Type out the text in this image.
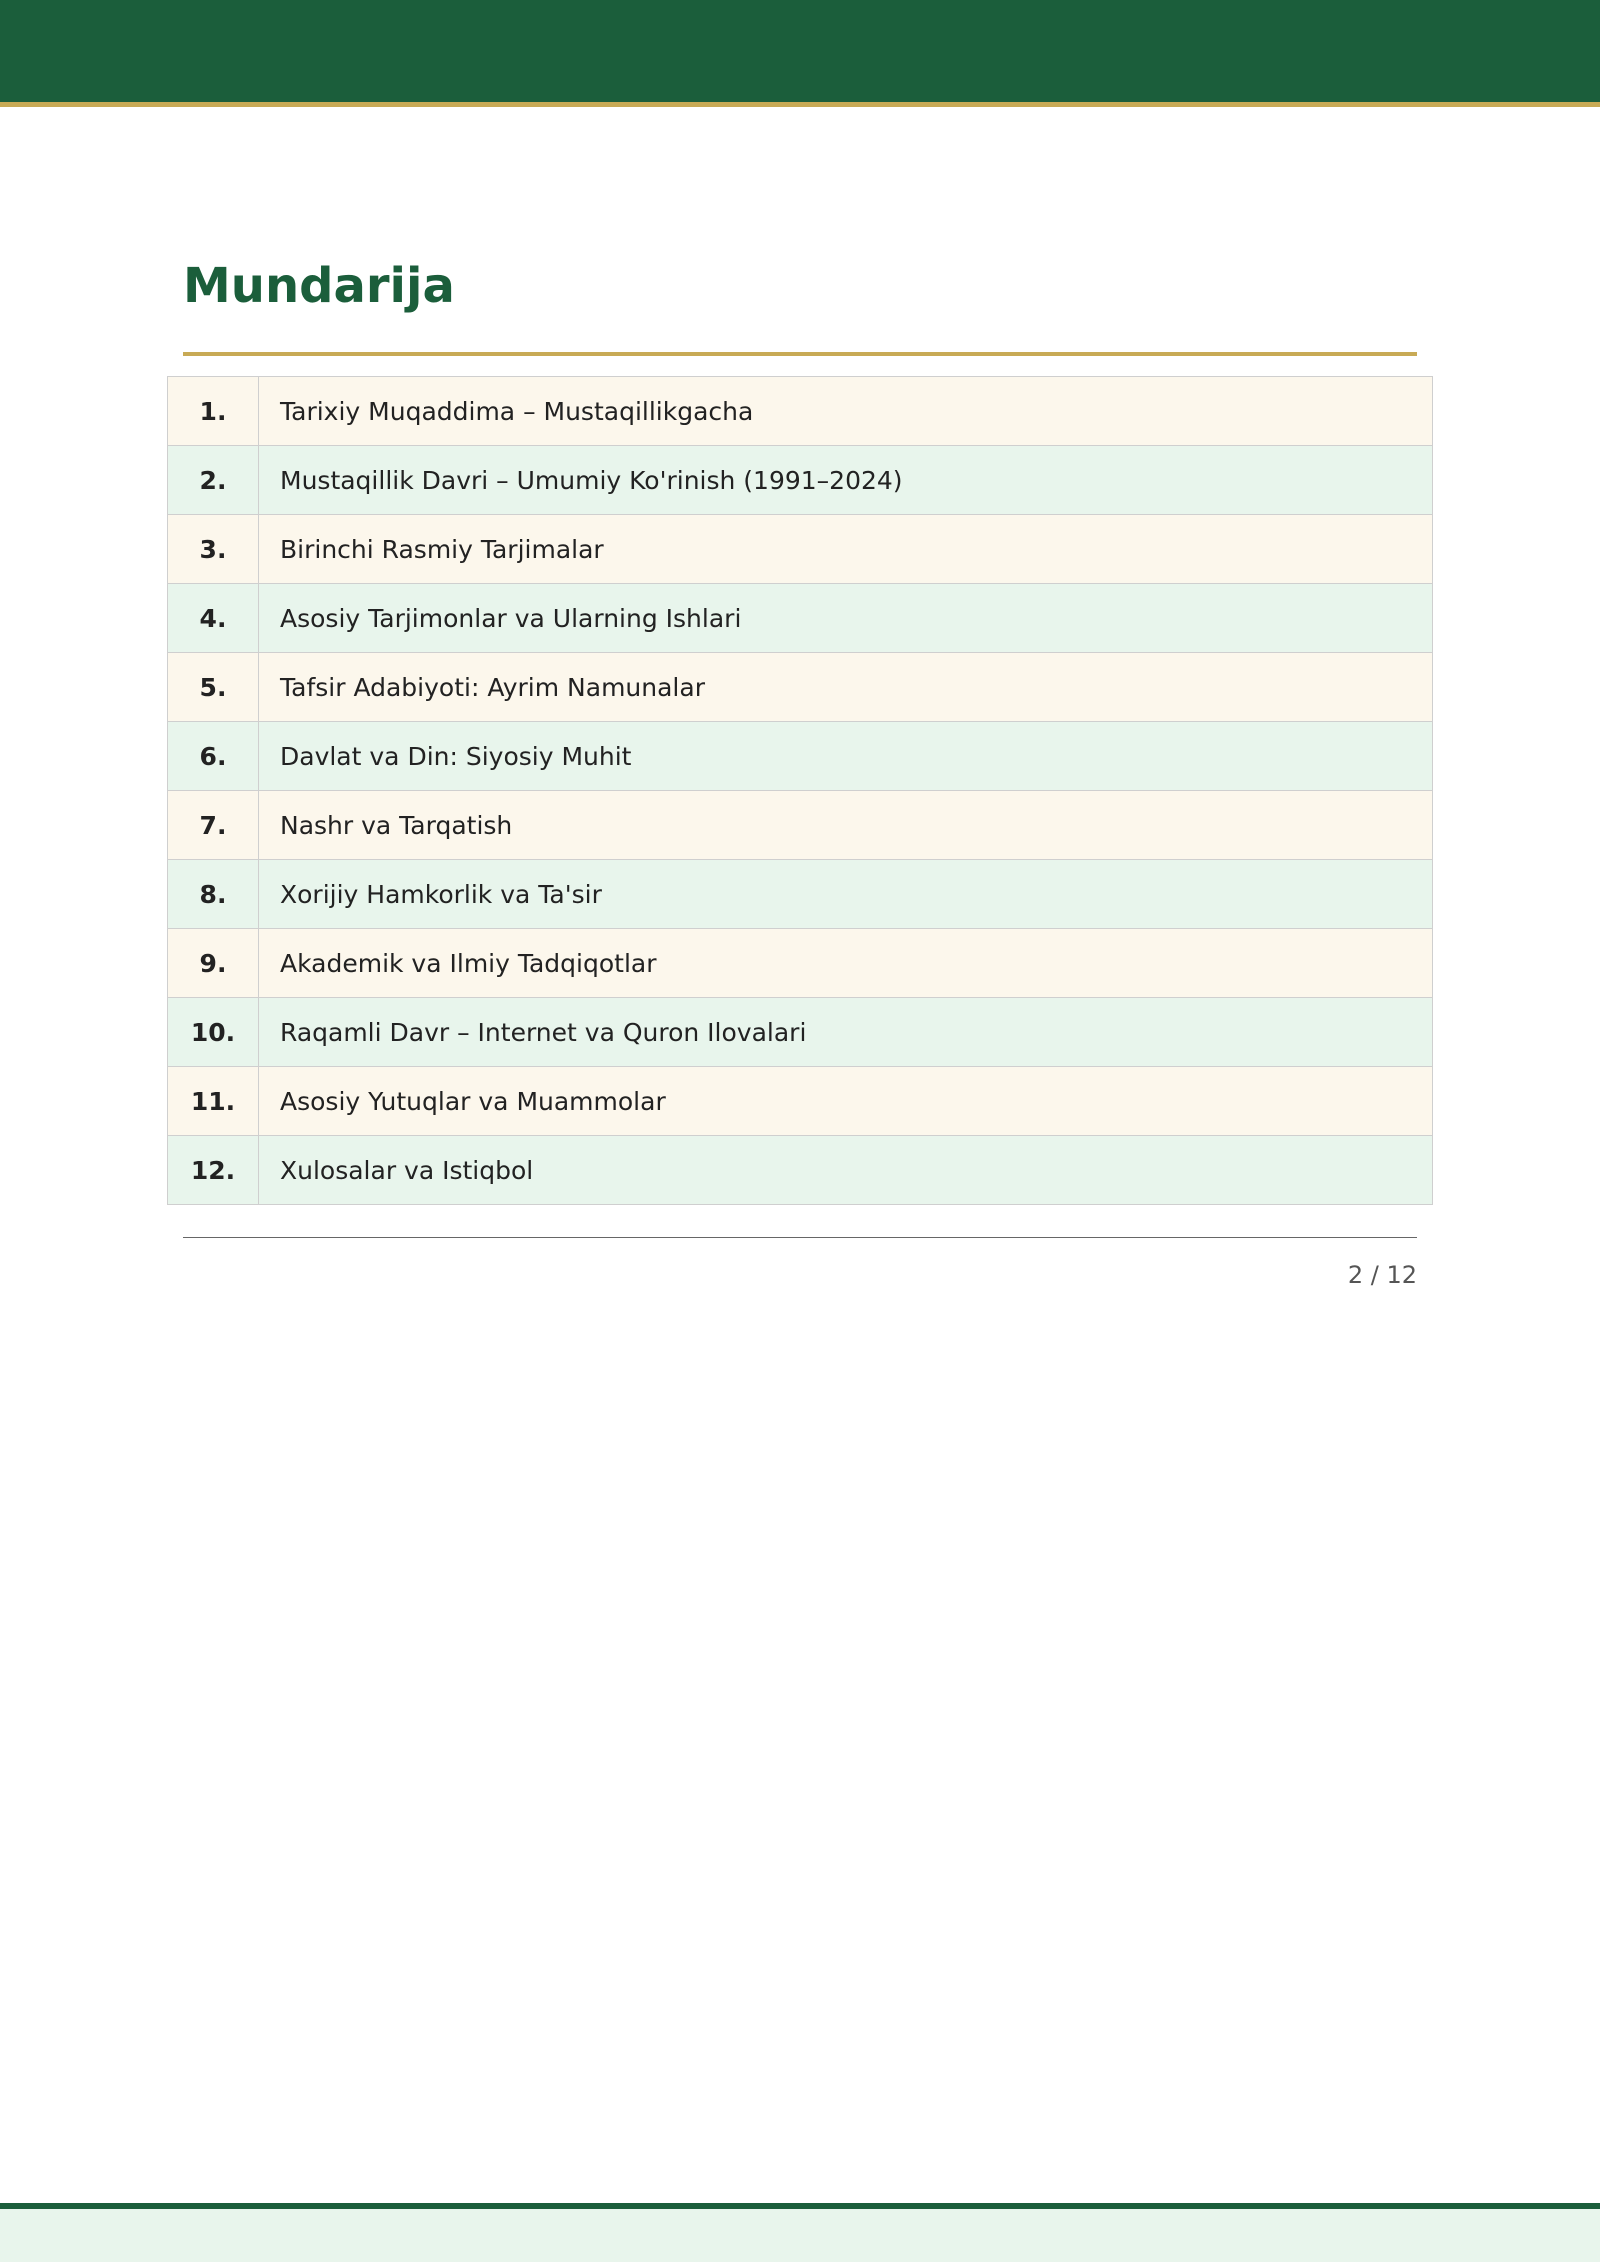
Mundarija
1.	Tarixiy Muqaddima – Mustaqillikgacha
2.	Mustaqillik Davri – Umumiy Ko'rinish (1991–2024)
3.	Birinchi Rasmiy Tarjimalar
4.	Asosiy Tarjimonlar va Ularning Ishlari
5.	Tafsir Adabiyoti: Ayrim Namunalar
6.	Davlat va Din: Siyosiy Muhit
7.	Nashr va Tarqatish
8.	Xorijiy Hamkorlik va Ta'sir
9.	Akademik va Ilmiy Tadqiqotlar
10.	Raqamli Davr – Internet va Quron Ilovalari
11.	Asosiy Yutuqlar va Muammolar
12.	Xulosalar va Istiqbol
2 / 12
